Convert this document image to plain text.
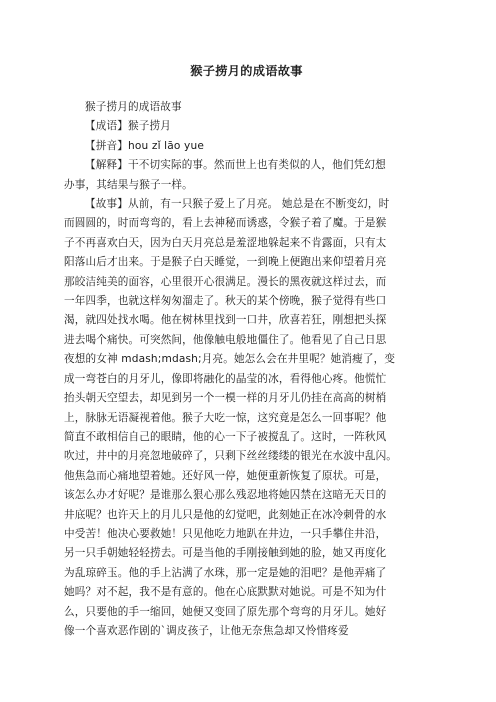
猴子捞月的成语故事

猴子捞月的成语故事

【成语】猴子捞月

【拼音】hou zǐ lāo yue

【解释】干不切实际的事。然而世上也有类似的人，他们凭幻想

办事，其结果与猴子一样。

【故事】从前，有一只猴子爱上了月亮。 她总是在不断变幻，时

而圆圆的，时而弯弯的，看上去神秘而诱惑，令猴子着了魔。于是猴

子不再喜欢白天，因为白天月亮总是羞涩地躲起来不肯露面，只有太

阳落山后才出来。于是猴子白天睡觉，一到晚上便跑出来仰望着月亮

那皎洁纯美的面容，心里很开心很满足。漫长的黑夜就这样过去，而

一年四季，也就这样匆匆溜走了。秋天的某个傍晚，猴子觉得有些口

渴，就四处找水喝。他在树林里找到一口井，欣喜若狂，刚想把头探

进去喝个痛快。可突然间，他像触电般地僵住了。他看见了自己日思

夜想的女神 mdash;mdash;月亮。她怎么会在井里呢？她消瘦了，变

成一弯苍白的月牙儿，像即将融化的晶莹的冰，看得他心疼。他慌忙

抬头朝天空望去，却见到另一个一模一样的月牙儿仍挂在高高的树梢

上，脉脉无语凝视着他。猴子大吃一惊，这究竟是怎么一回事呢？他

简直不敢相信自己的眼睛，他的心一下子被搅乱了。这时，一阵秋风

吹过，井中的月亮忽地破碎了，只剩下丝丝缕缕的银光在水波中乱闪。

他焦急而心痛地望着她。还好风一停，她便重新恢复了原状。可是，

该怎么办才好呢？是谁那么狠心那么残忍地将她囚禁在这暗无天日的

井底呢？也许天上的月儿只是他的幻觉吧，此刻她正在冰冷刺骨的水

中受苦！他决心要救她！只见他吃力地趴在井边，一只手攀住井沿，

另一只手朝她轻轻捞去。可是当他的手刚接触到她的脸，她又再度化

为乱琼碎玉。他的手上沾满了水珠，那一定是她的泪吧？是他弄痛了

她吗？对不起，我不是有意的。他在心底默默对她说。可是不知为什

么，只要他的手一缩回，她便又变回了原先那个弯弯的月牙儿。她好

像一个喜欢恶作剧的`调皮孩子，让他无奈焦急却又怜惜疼爱
